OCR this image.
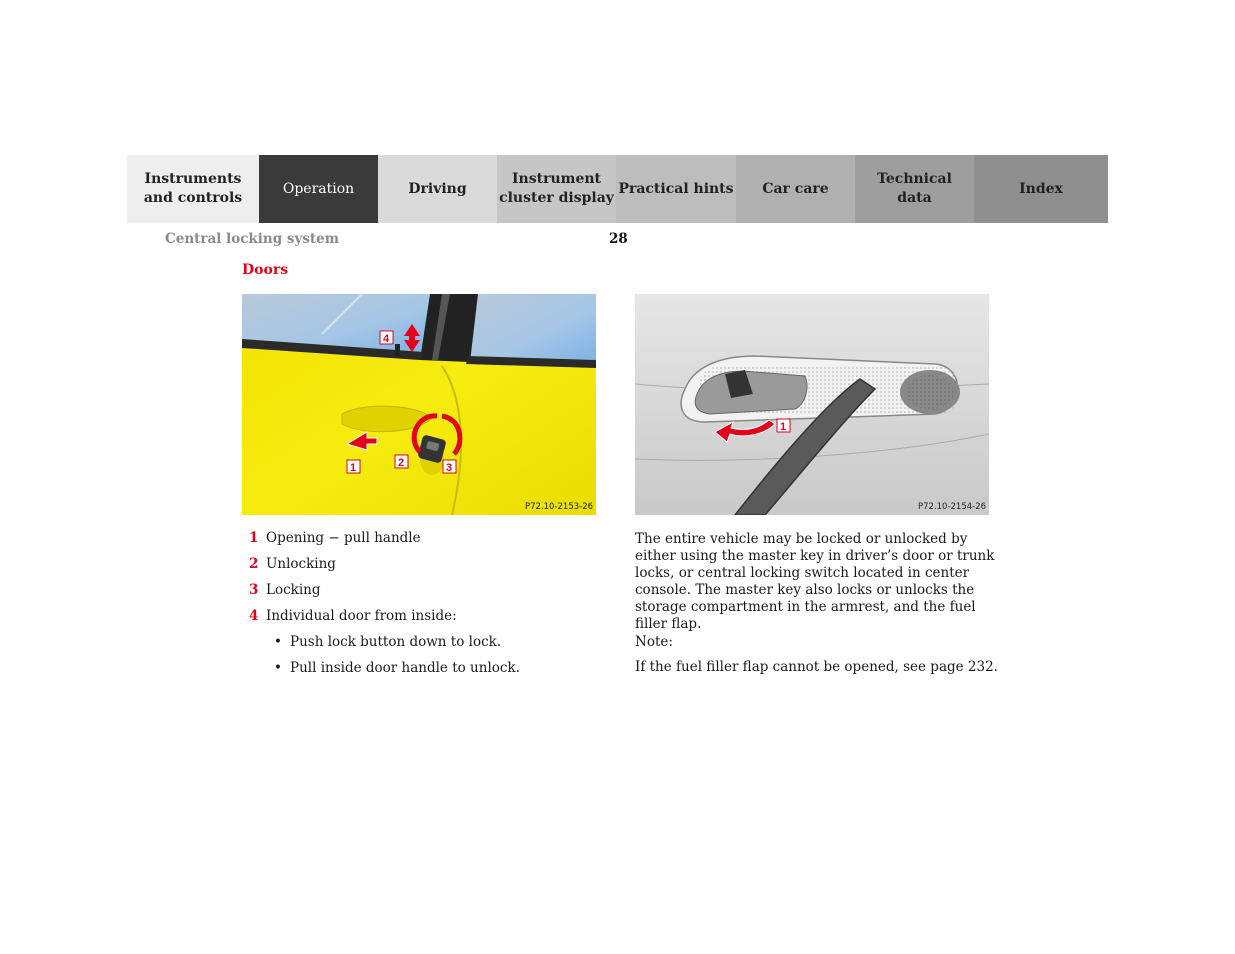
Instruments
and controls
Operation	Driving
Instrument
cluster display
Practical hints Car care
Technical
data
Index
Central locking system	28
Doors
1	2	3
4
P72.10-2153-26
1
P72.10-2154-26
1 Opening − pull handle
2 Unlocking
3 Locking
4 Individual door from inside:
• Push lock button down to lock.
• Pull inside door handle to unlock.
The entire vehicle may be locked or unlocked by either using the master key in driver’s door or trunk locks, or central locking switch located in center console. The master key also locks or unlocks the storage compartment in the armrest, and the fuel filler flap.
Note:
If the fuel filler flap cannot be opened, see page 232.
